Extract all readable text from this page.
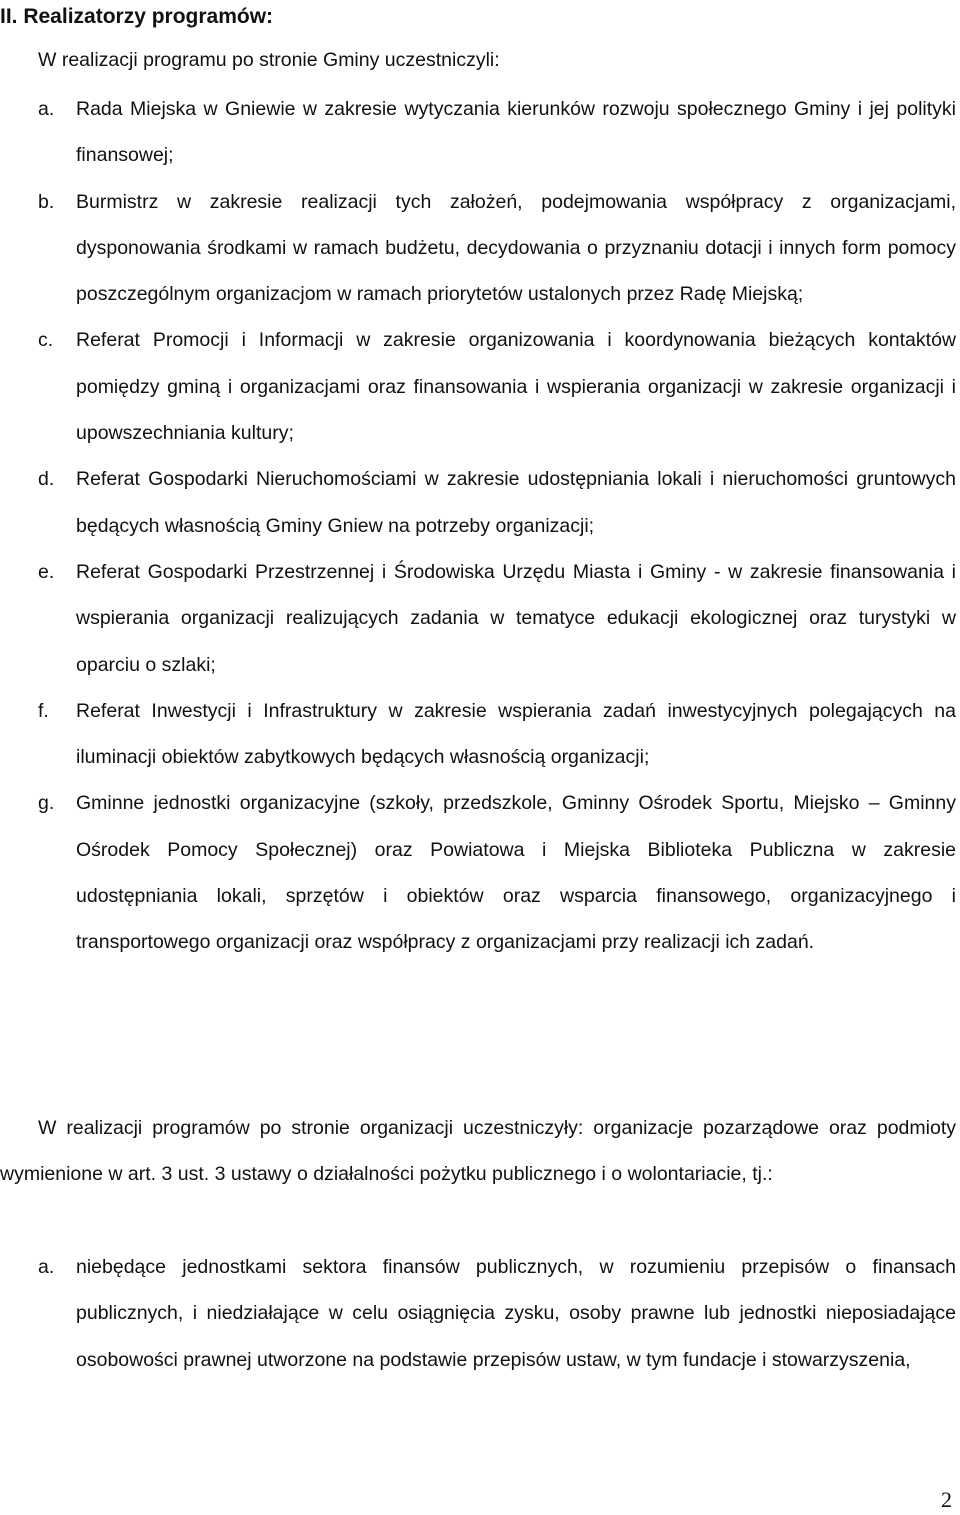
II. Realizatorzy programów:
W realizacji programu po stronie Gminy uczestniczyli:
a. Rada Miejska w Gniewie w zakresie wytyczania kierunków rozwoju społecznego Gminy i jej polityki finansowej;
b. Burmistrz w zakresie realizacji tych założeń, podejmowania współpracy z organizacjami, dysponowania środkami w ramach budżetu, decydowania o przyznaniu dotacji i innych form pomocy poszczególnym organizacjom w ramach priorytetów ustalonych przez Radę Miejską;
c. Referat Promocji i Informacji w zakresie organizowania i koordynowania bieżących kontaktów pomiędzy gminą i organizacjami oraz finansowania i wspierania organizacji w zakresie organizacji i upowszechniania kultury;
d. Referat Gospodarki Nieruchomościami w zakresie udostępniania lokali i nieruchomości gruntowych będących własnością Gminy Gniew na potrzeby organizacji;
e. Referat Gospodarki Przestrzennej i Środowiska Urzędu Miasta i Gminy - w zakresie finansowania i wspierania organizacji realizujących zadania w tematyce edukacji ekologicznej oraz turystyki w oparciu o szlaki;
f. Referat Inwestycji i Infrastruktury w zakresie wspierania zadań inwestycyjnych polegających na iluminacji obiektów zabytkowych będących własnością organizacji;
g. Gminne jednostki organizacyjne (szkoły, przedszkole, Gminny Ośrodek Sportu, Miejsko – Gminny Ośrodek Pomocy Społecznej) oraz Powiatowa i Miejska Biblioteka Publiczna w zakresie udostępniania lokali, sprzętów i obiektów oraz wsparcia finansowego, organizacyjnego i transportowego organizacji oraz współpracy z organizacjami przy realizacji ich zadań.
W realizacji programów po stronie organizacji uczestniczyły: organizacje pozarządowe oraz podmioty wymienione w art. 3 ust. 3 ustawy o działalności pożytku publicznego i o wolontariacie, tj.:
a. niebędące jednostkami sektora finansów publicznych, w rozumieniu przepisów o finansach publicznych, i niedziałające w celu osiągnięcia zysku, osoby prawne lub jednostki nieposiadające osobowości prawnej utworzone na podstawie przepisów ustaw, w tym fundacje i stowarzyszenia,
2
